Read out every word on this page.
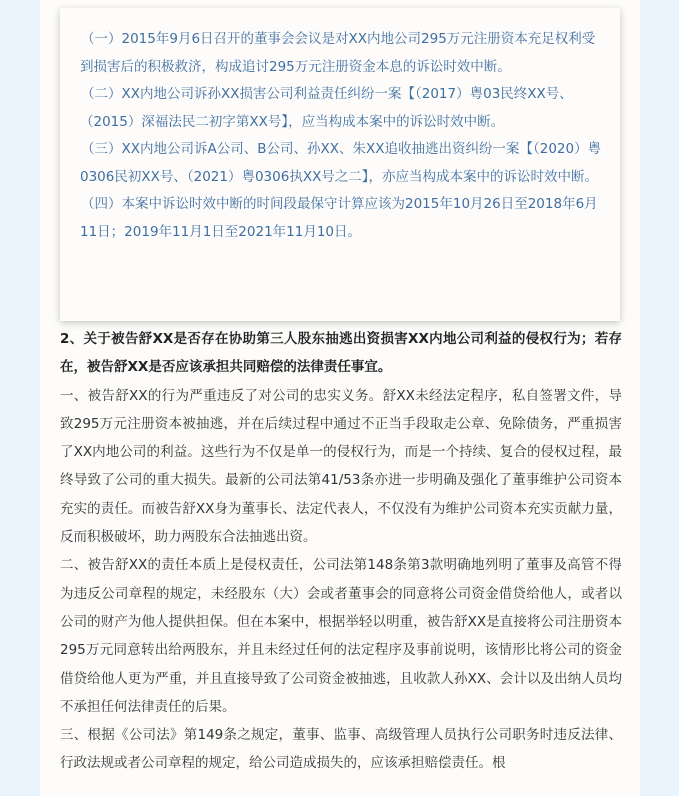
（一）2015年9月6日召开的董事会会议是对XX内地公司295万元注册资本充足权利受到损害后的积极救济，构成追讨295万元注册资金本息的诉讼时效中断。

（二）XX内地公司诉孙XX损害公司利益责任纠纷一案【（2017）粤03民终XX号、（2015）深福法民二初字第XX号】，应当构成本案中的诉讼时效中断。

（三）XX内地公司诉A公司、B公司、孙XX、朱XX追收抽逃出资纠纷一案【（2020）粤0306民初XX号、（2021）粤0306执XX号之二】，亦应当构成本案中的诉讼时效中断。

（四）本案中诉讼时效中断的时间段最保守计算应该为2015年10月26日至2018年6月11日；2019年11月1日至2021年11月10日。

2、关于被告舒XX是否存在协助第三人股东抽逃出资损害XX内地公司利益的侵权行为；若存在，被告舒XX是否应该承担共同赔偿的法律责任事宜。

一、被告舒XX的行为严重违反了对公司的忠实义务。舒XX未经法定程序，私自签署文件，导致295万元注册资本被抽逃，并在后续过程中通过不正当手段取走公章、免除债务，严重损害了XX内地公司的利益。这些行为不仅是单一的侵权行为，而是一个持续、复合的侵权过程，最终导致了公司的重大损失。最新的公司法第41/53条亦进一步明确及强化了董事维护公司资本充实的责任。而被告舒XX身为董事长、法定代表人，不仅没有为维护公司资本充实贡献力量，反而积极破坏，助力两股东合法抽逃出资。

二、被告舒XX的责任本质上是侵权责任，公司法第148条第3款明确地列明了董事及高管不得为违反公司章程的规定，未经股东（大）会或者董事会的同意将公司资金借贷给他人，或者以公司的财产为他人提供担保。但在本案中，根据举轻以明重，被告舒XX是直接将公司注册资本295万元同意转出给两股东，并且未经过任何的法定程序及事前说明，该情形比将公司的资金借贷给他人更为严重，并且直接导致了公司资金被抽逃，且收款人孙XX、会计以及出纳人员均不承担任何法律责任的后果。

三、根据《公司法》第149条之规定，董事、监事、高级管理人员执行公司职务时违反法律、行政法规或者公司章程的规定，给公司造成损失的，应该承担赔偿责任。根
